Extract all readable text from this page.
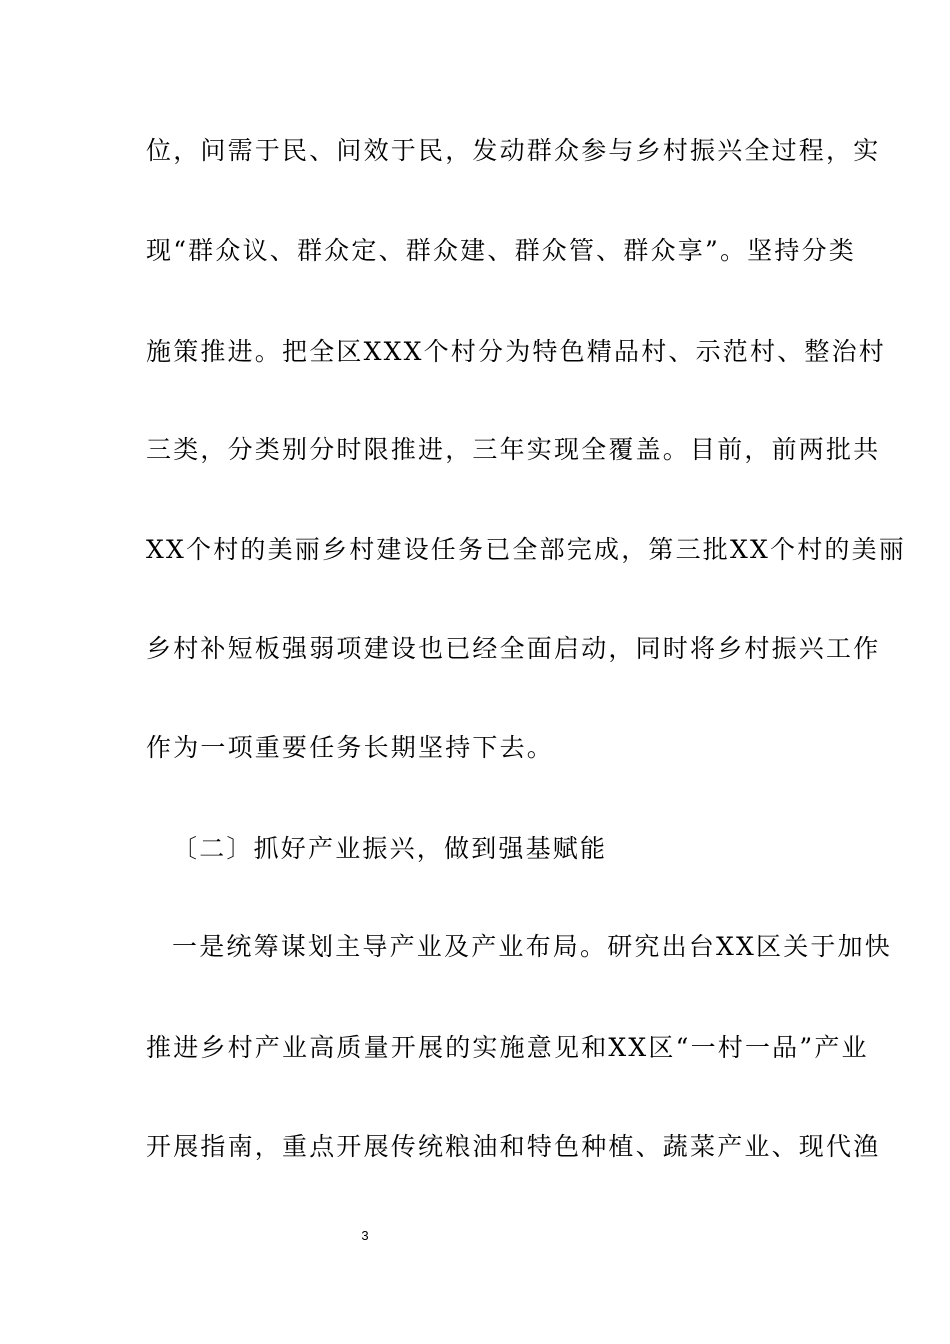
位，问需于民、问效于民，发动群众参与乡村振兴全过程，实
现“群众议、群众定、群众建、群众管、群众享”。坚持分类
施策推进。把全区XXX个村分为特色精品村、示范村、整治村
三类，分类别分时限推进，三年实现全覆盖。目前，前两批共
XX个村的美丽乡村建设任务已全部完成，第三批XX个村的美丽
乡村补短板强弱项建设也已经全面启动，同时将乡村振兴工作
作为一项重要任务长期坚持下去。
〔二〕抓好产业振兴，做到强基赋能
一是统筹谋划主导产业及产业布局。研究出台XX区关于加快
推进乡村产业高质量开展的实施意见和XX区“一村一品”产业
开展指南，重点开展传统粮油和特色种植、蔬菜产业、现代渔
3
